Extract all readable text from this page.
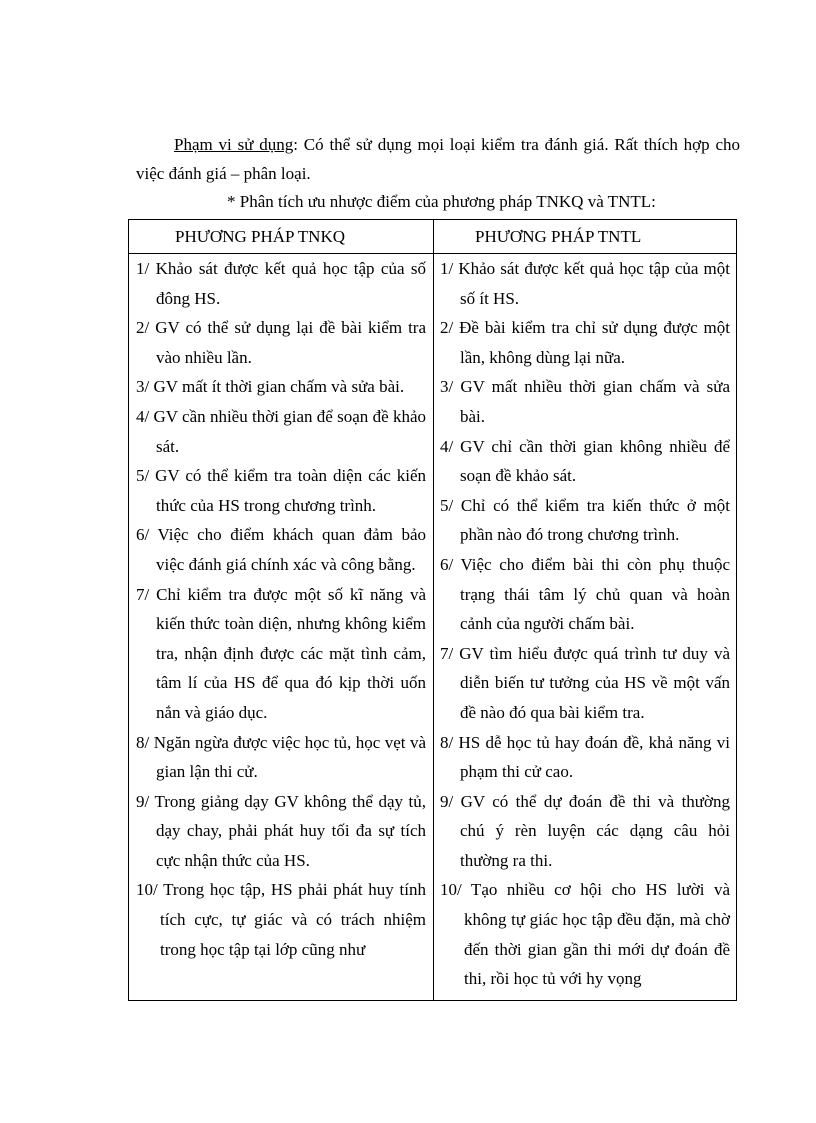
Phạm vi sử dụng: Có thể sử dụng mọi loại kiểm tra đánh giá. Rất thích hợp cho việc đánh giá – phân loại.

* Phân tích ưu nhược điểm của phương pháp TNKQ và TNTL:

PHƯƠNG PHÁP TNKQ	PHƯƠNG PHÁP TNTL

1/ Khảo sát được kết quả học tập của số đông HS.
2/ GV có thể sử dụng lại đề bài kiểm tra vào nhiều lần.
3/ GV mất ít thời gian chấm và sửa bài.
4/ GV cần nhiều thời gian để soạn đề khảo sát.
5/ GV có thể kiểm tra toàn diện các kiến thức của HS trong chương trình.
6/ Việc cho điểm khách quan đảm bảo việc đánh giá chính xác và công bằng.
7/ Chỉ kiểm tra được một số kĩ năng và kiến thức toàn diện, nhưng không kiểm tra, nhận định được các mặt tình cảm, tâm lí của HS để qua đó kịp thời uốn nắn và giáo dục.
8/ Ngăn ngừa được việc học tủ, học vẹt và gian lận thi cử.
9/ Trong giảng dạy GV không thể dạy tủ, dạy chay, phải phát huy tối đa sự tích cực nhận thức của HS.
10/ Trong học tập, HS phải phát huy tính tích cực, tự giác và có trách nhiệm trong học tập tại lớp cũng như
1/ Khảo sát được kết quả học tập của một số ít HS.
2/ Đề bài kiểm tra chỉ sử dụng được một lần, không dùng lại nữa.
3/ GV mất nhiều thời gian chấm và sửa bài.
4/ GV chỉ cần thời gian không nhiều để soạn đề khảo sát.
5/ Chỉ có thể kiểm tra kiến thức ở một phần nào đó trong chương trình.
6/ Việc cho điểm bài thi còn phụ thuộc trạng thái tâm lý chủ quan và hoàn cảnh của người chấm bài.
7/ GV tìm hiểu được quá trình tư duy và diễn biến tư tưởng của HS về một vấn đề nào đó qua bài kiểm tra.
8/ HS dễ học tủ hay đoán đề, khả năng vi phạm thi cử cao.
9/ GV có thể dự đoán đề thi và thường chú ý rèn luyện các dạng câu hỏi thường ra thi.
10/ Tạo nhiều cơ hội cho HS lười và không tự giác học tập đều đặn, mà chờ đến thời gian gần thi mới dự đoán đề thi, rồi học tủ với hy vọng
